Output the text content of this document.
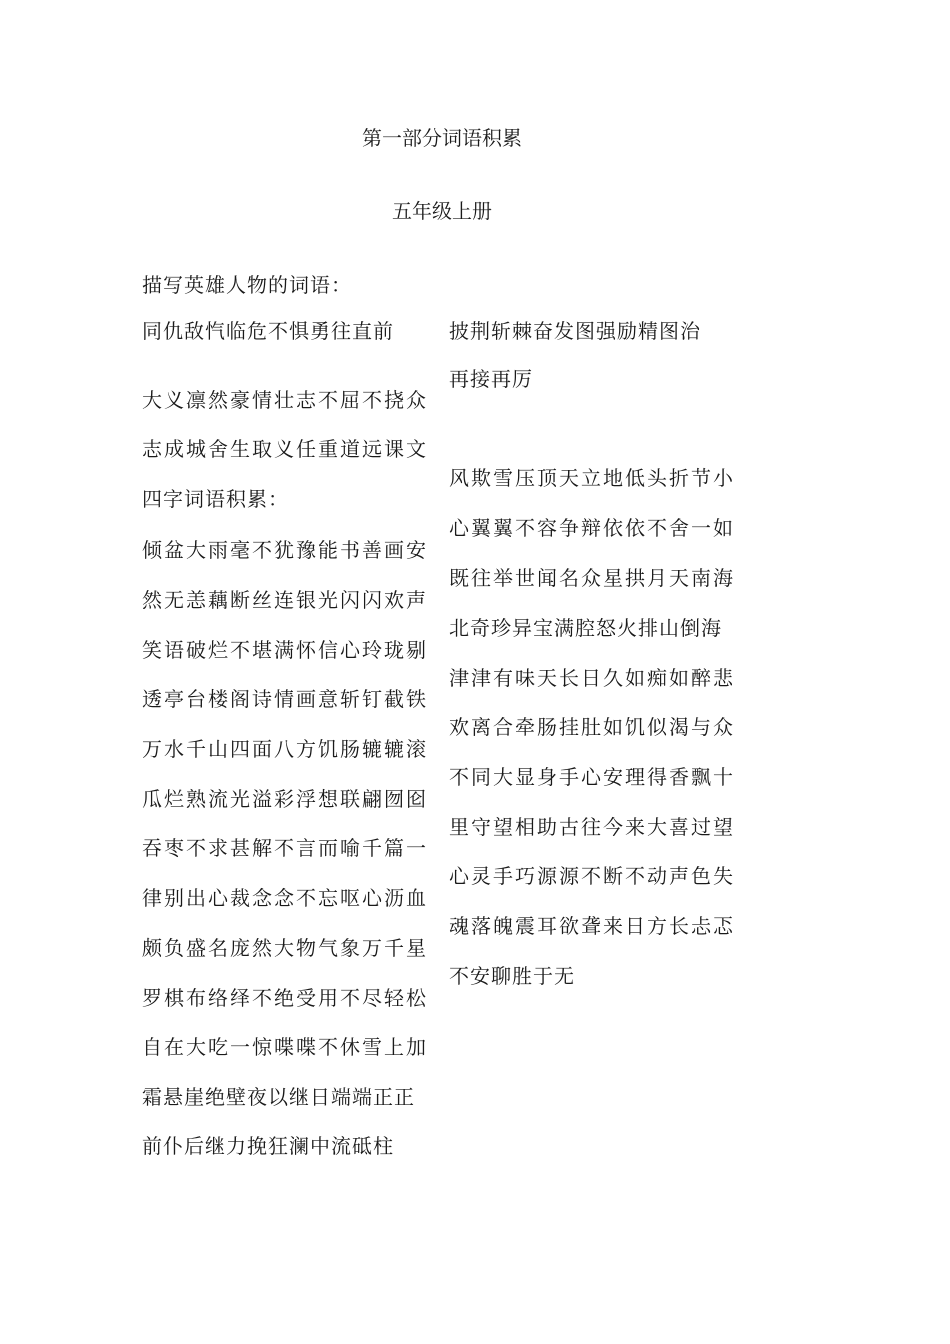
第一部分词语积累
五年级上册
描写英雄人物的词语：
同仇敌忾临危不惧勇往直前
大义凛然豪情壮志不屈不挠众
志成城舍生取义任重道远课文
四字词语积累：
倾盆大雨毫不犹豫能书善画安
然无恙藕断丝连银光闪闪欢声
笑语破烂不堪满怀信心玲珑剔
透亭台楼阁诗情画意斩钉截铁
万水千山四面八方饥肠辘辘滚
瓜烂熟流光溢彩浮想联翩囫囵
吞枣不求甚解不言而喻千篇一
律别出心裁念念不忘呕心沥血
颇负盛名庞然大物气象万千星
罗棋布络绎不绝受用不尽轻松
自在大吃一惊喋喋不休雪上加
霜悬崖绝壁夜以继日端端正正
前仆后继力挽狂澜中流砥柱
披荆斩棘奋发图强励精图治
再接再厉
风欺雪压顶天立地低头折节小
心翼翼不容争辩依依不舍一如
既往举世闻名众星拱月天南海
北奇珍异宝满腔怒火排山倒海
津津有味天长日久如痴如醉悲
欢离合牵肠挂肚如饥似渴与众
不同大显身手心安理得香飘十
里守望相助古往今来大喜过望
心灵手巧源源不断不动声色失
魂落魄震耳欲聋来日方长忐忑
不安聊胜于无
